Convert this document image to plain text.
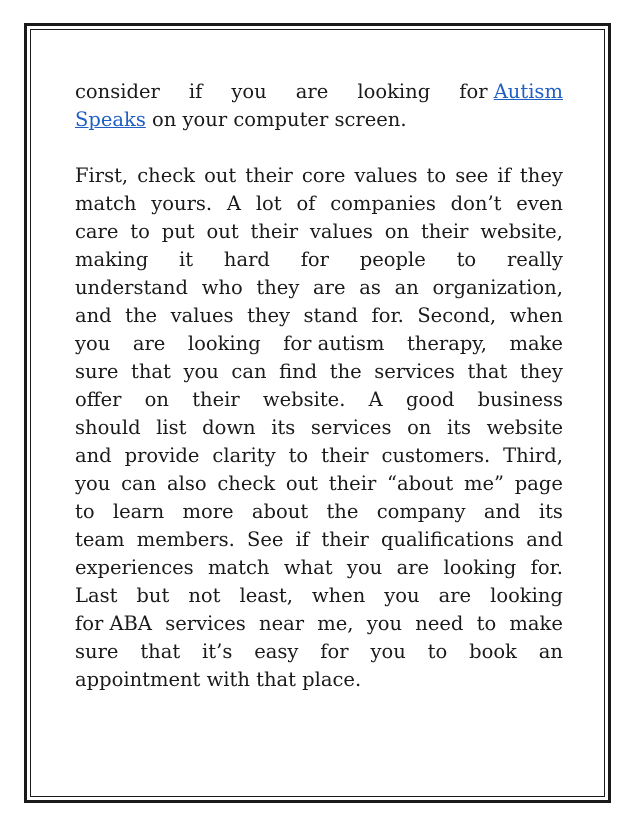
consider if you are looking for Autism
Speaks on your computer screen.
First, check out their core values to see if they
match yours. A lot of companies don’t even
care to put out their values on their website,
making it hard for people to really
understand who they are as an organization,
and the values they stand for. Second, when
you are looking for autism therapy, make
sure that you can find the services that they
offer on their website. A good business
should list down its services on its website
and provide clarity to their customers. Third,
you can also check out their “about me” page
to learn more about the company and its
team members. See if their qualifications and
experiences match what you are looking for.
Last but not least, when you are looking
for ABA services near me, you need to make
sure that it’s easy for you to book an
appointment with that place.
